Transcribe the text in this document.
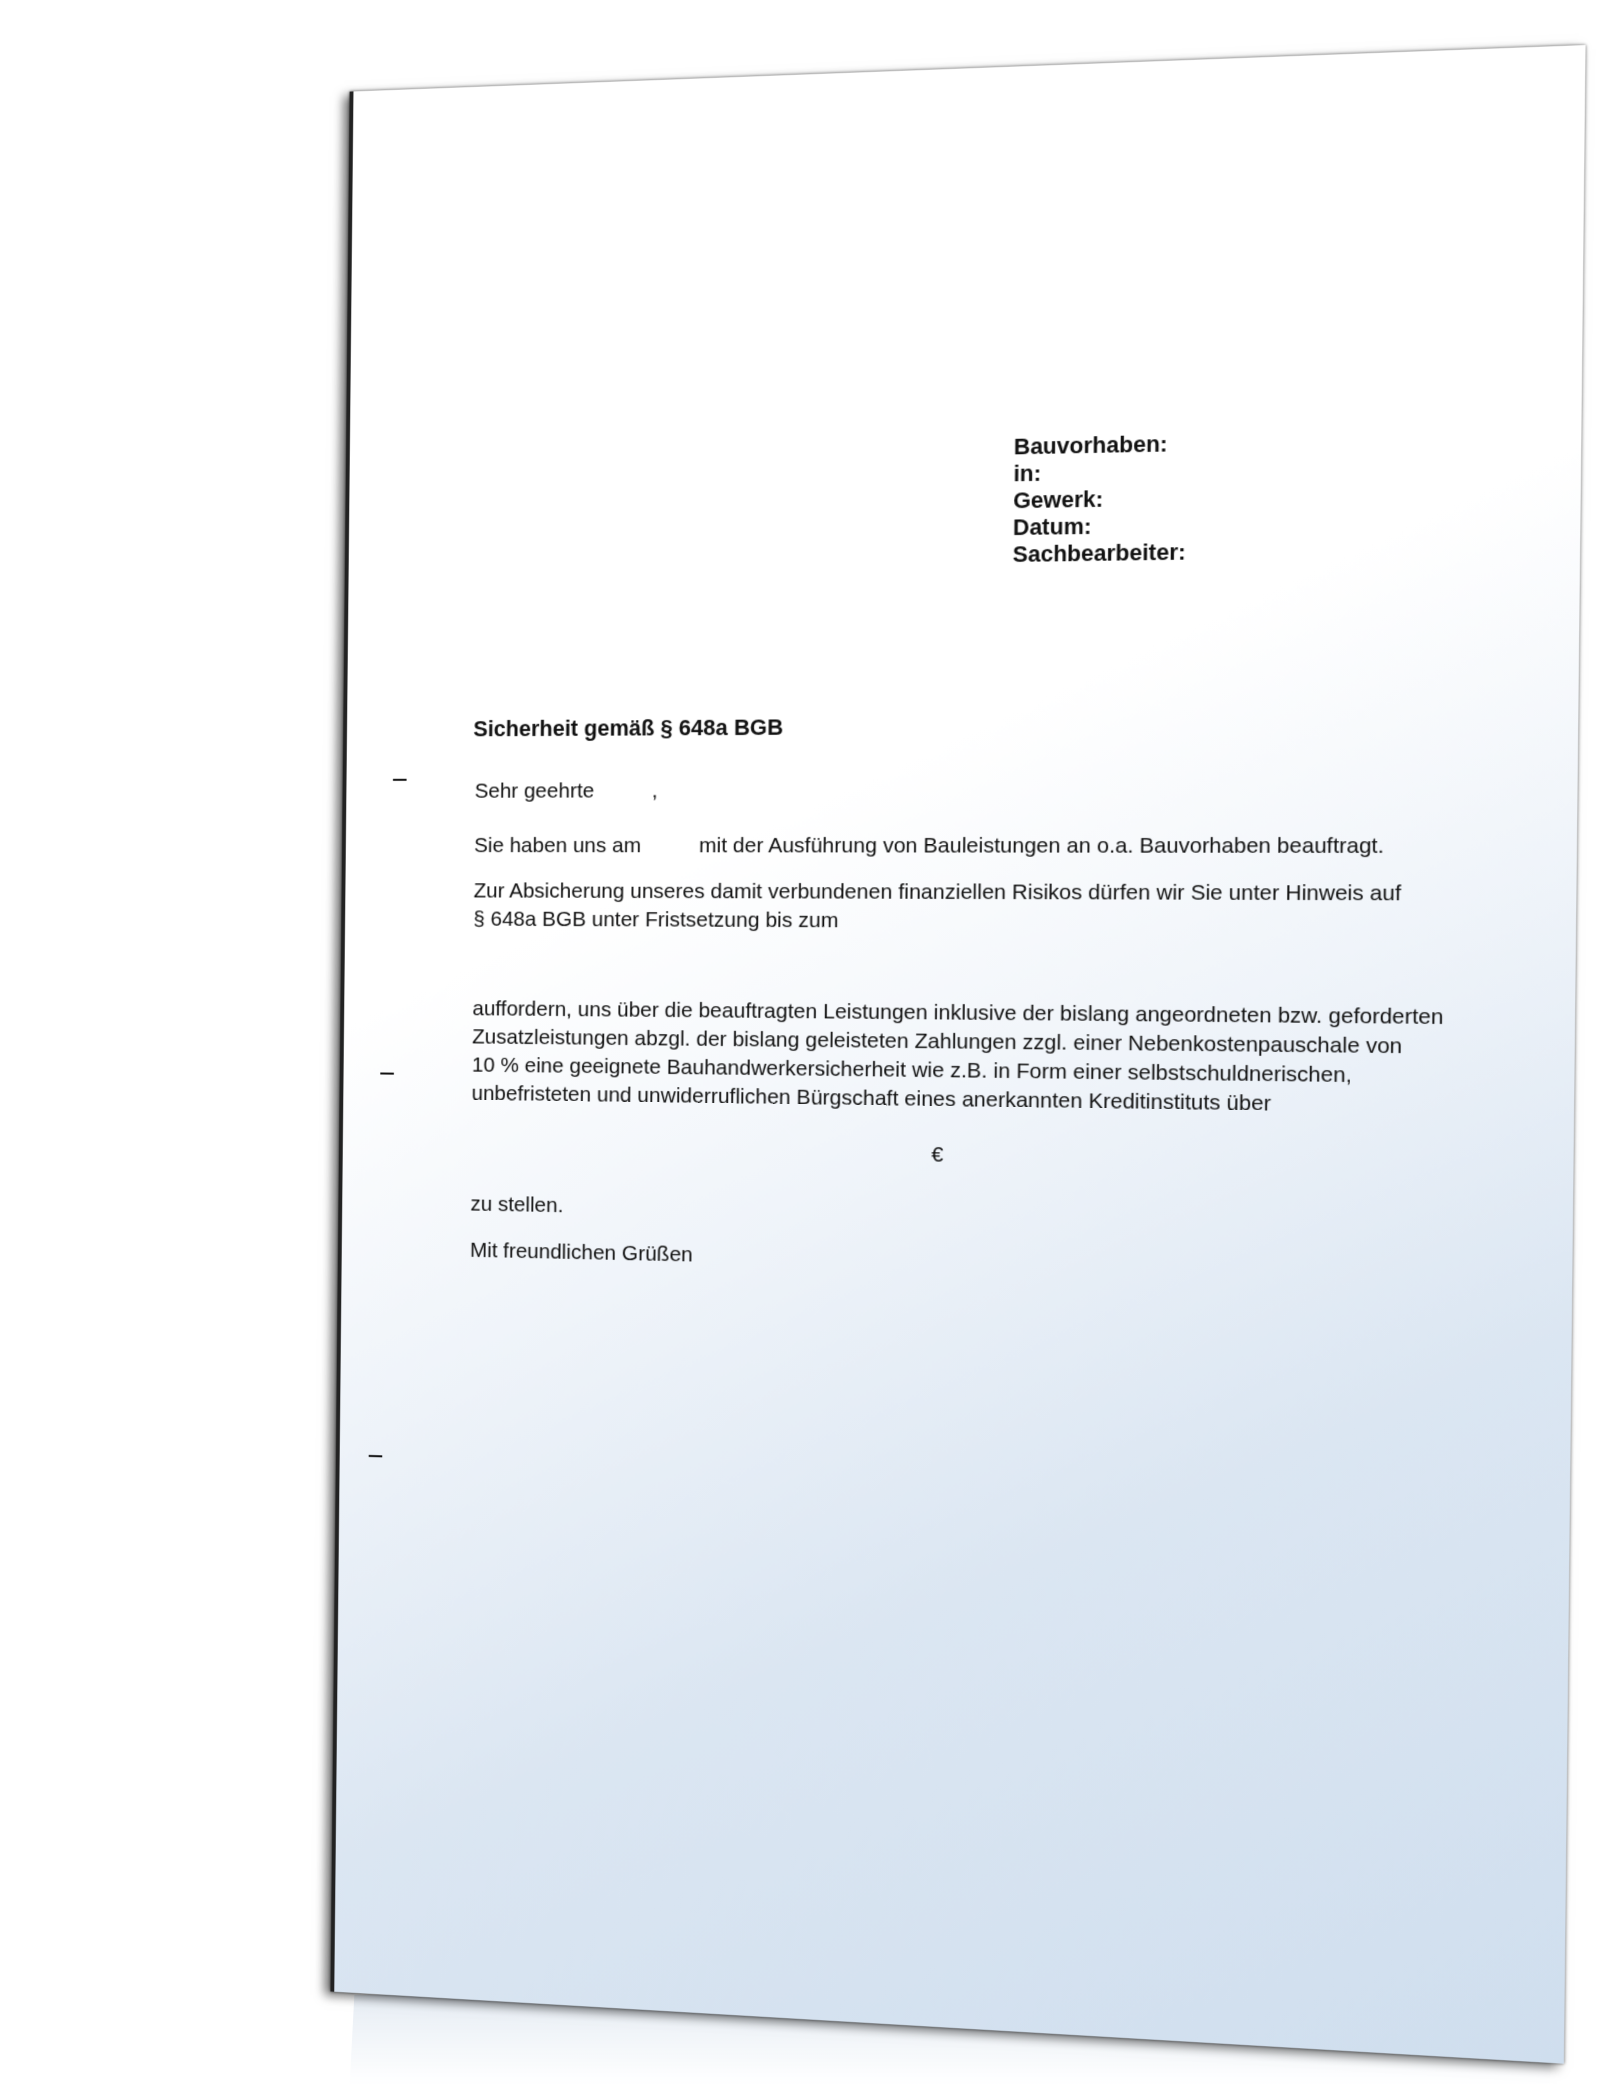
Bauvorhaben:
in:
Gewerk:
Datum:
Sachbearbeiter:
Sicherheit gemäß § 648a BGB
Sehr geehrte	,
Sie haben uns am	mit der Ausführung von Bauleistungen an o.a. Bauvorhaben beauftragt.
Zur Absicherung unseres damit verbundenen finanziellen Risikos dürfen wir Sie unter Hinweis auf
§ 648a BGB unter Fristsetzung bis zum
auffordern, uns über die beauftragten Leistungen inklusive der bislang angeordneten bzw. geforderten
Zusatzleistungen abzgl. der bislang geleisteten Zahlungen zzgl. einer Nebenkostenpauschale von
10 % eine geeignete Bauhandwerkersicherheit wie z.B. in Form einer selbstschuldnerischen,
unbefristeten und unwiderruflichen Bürgschaft eines anerkannten Kreditinstituts über
€
zu stellen.
Mit freundlichen Grüßen
